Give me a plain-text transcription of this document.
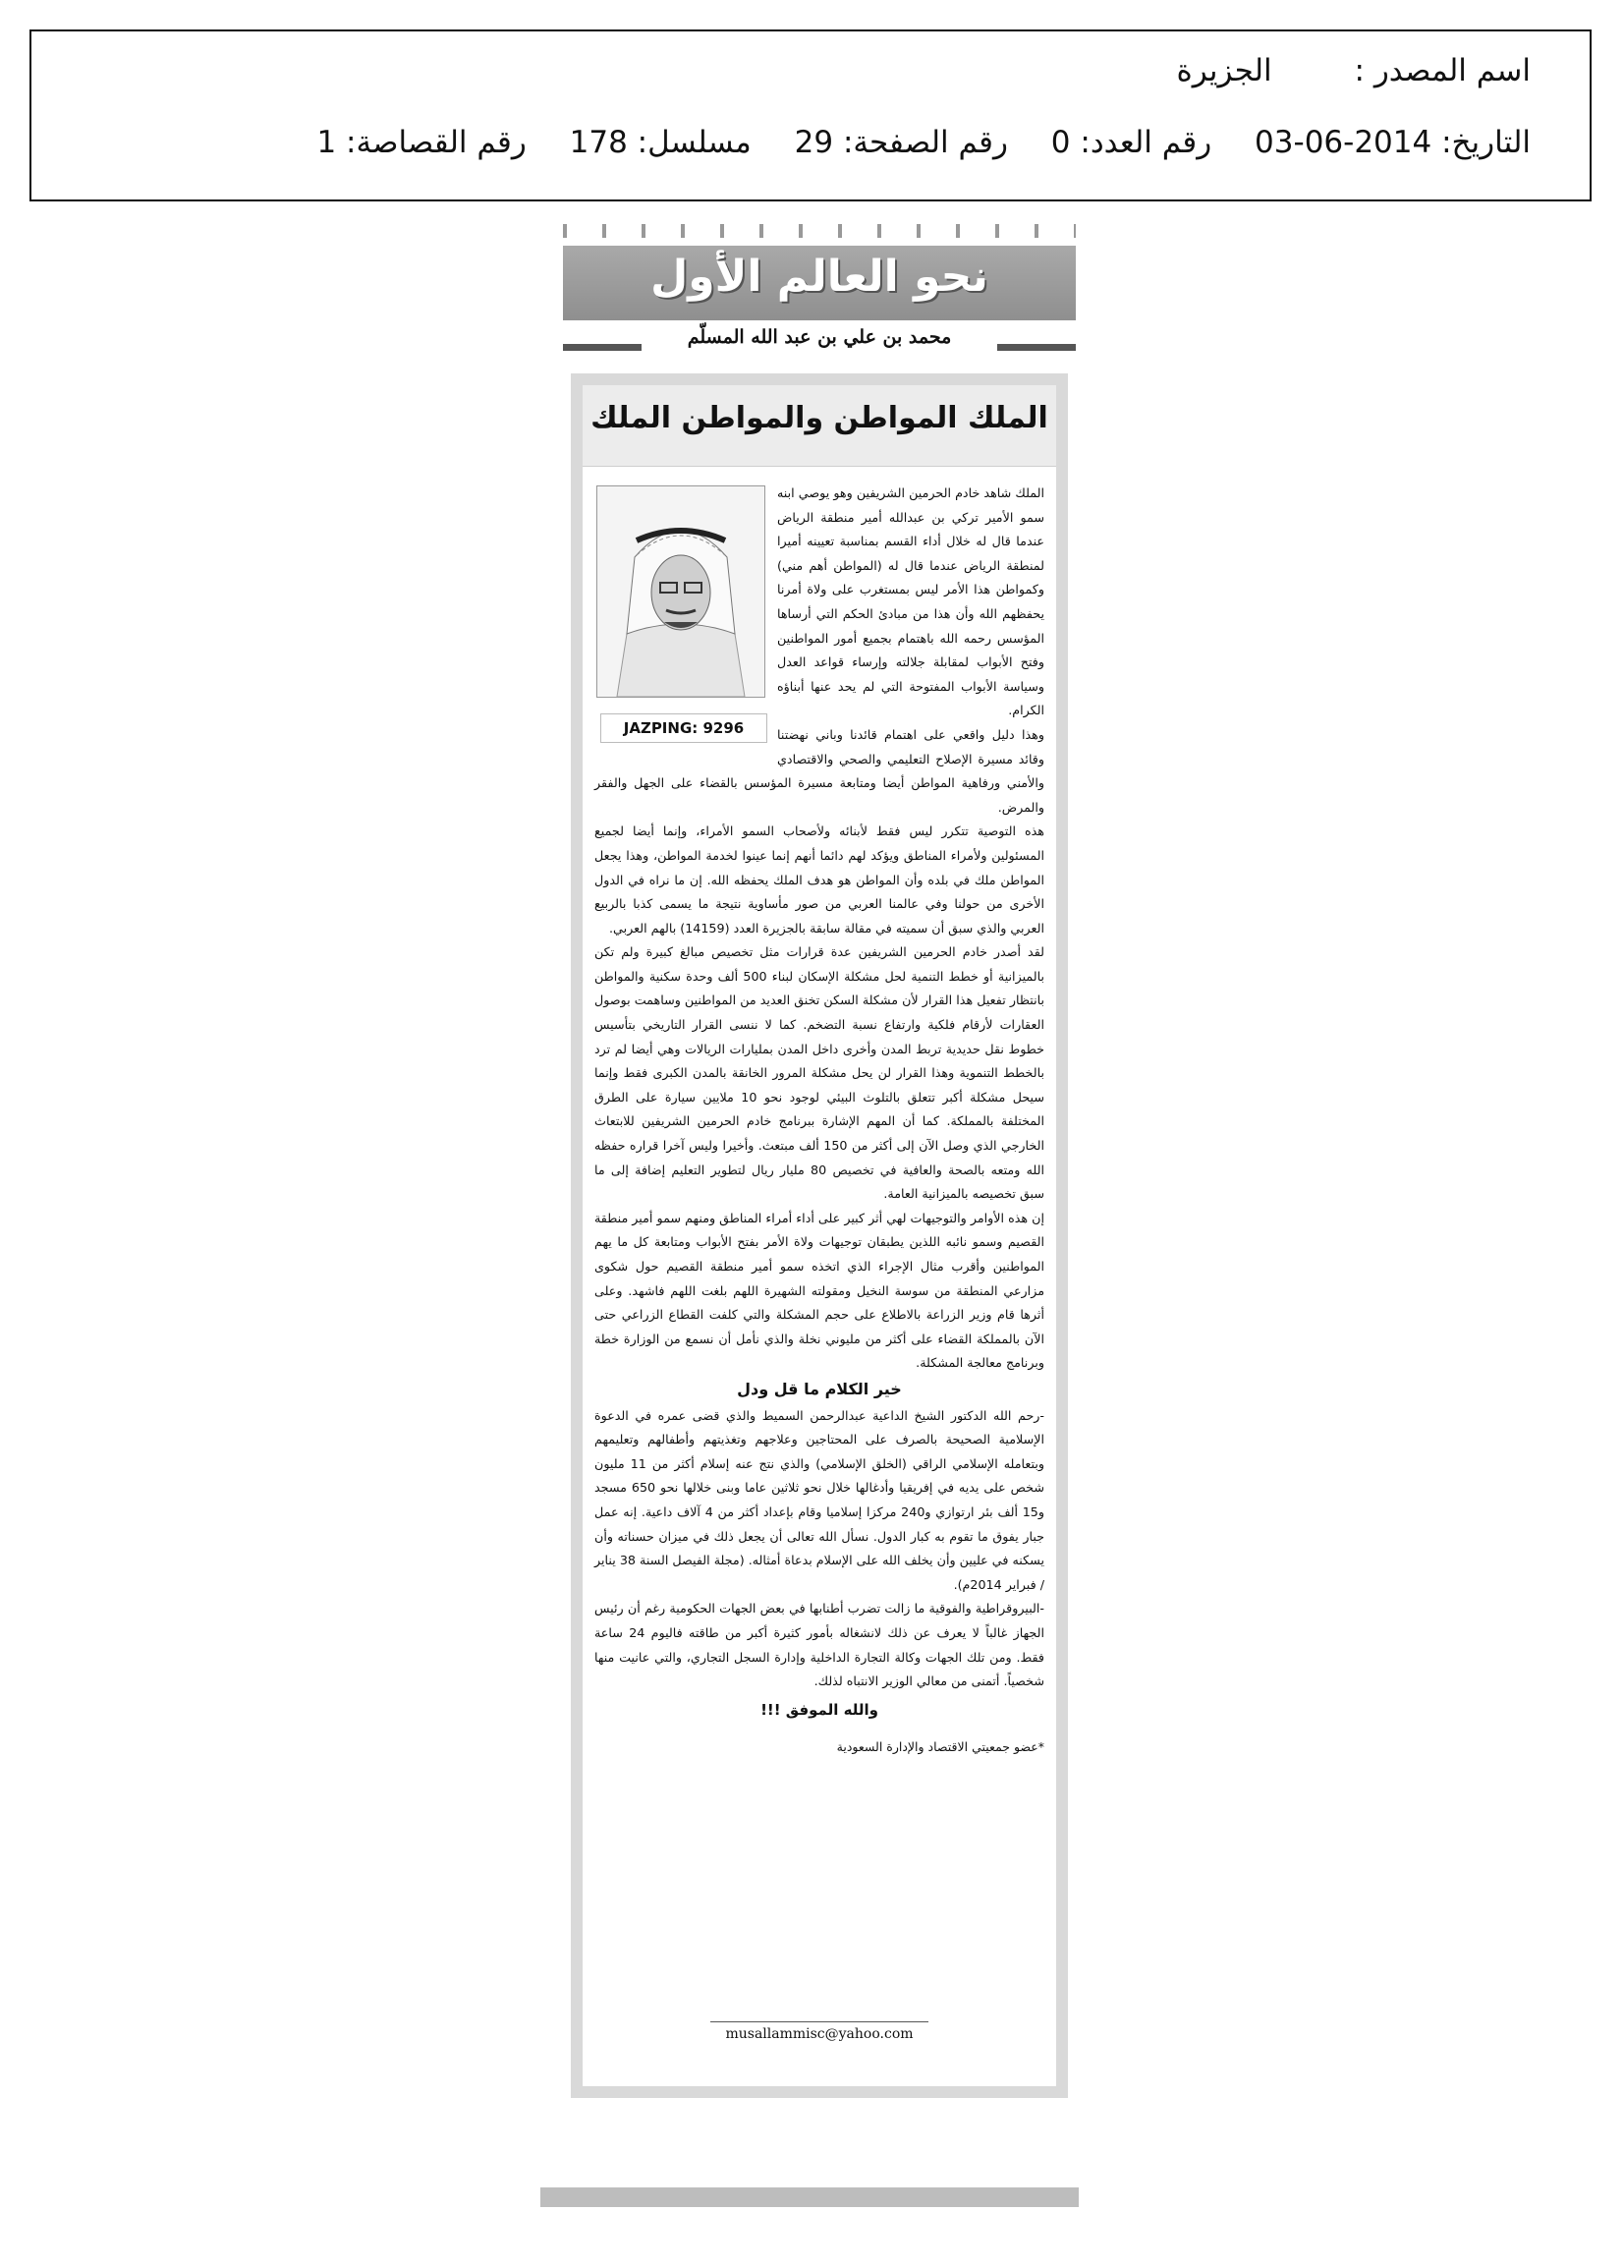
اسم المصدر : الجزيرة
التاريخ: 2014-06-03 رقم العدد: 0 رقم الصفحة: 29 مسلسل: 178 رقم القصاصة: 1
نحو العالم الأول
محمد بن علي بن عبد الله المسلّم
الملك المواطن والمواطن الملك
JAZPING: 9296

الملك شاهد خادم الحرمين الشريفين وهو يوصي ابنه سمو الأمير تركي بن عبدالله أمير منطقة الرياض عندما قال له خلال أداء القسم بمناسبة تعيينه أميرا لمنطقة الرياض عندما قال له (المواطن أهم مني) وكمواطن هذا الأمر ليس بمستغرب على ولاة أمرنا يحفظهم الله وأن هذا من مبادئ الحكم التي أرساها المؤسس رحمه الله باهتمام بجميع أمور المواطنين وفتح الأبواب لمقابلة جلالته وإرساء قواعد العدل وسياسة الأبواب المفتوحة التي لم يحد عنها أبناؤه الكرام.

وهذا دليل واقعي على اهتمام قائدنا وباني نهضتنا وقائد مسيرة الإصلاح التعليمي والصحي والاقتصادي والأمني ورفاهية المواطن أيضا ومتابعة مسيرة المؤسس بالقضاء على الجهل والفقر والمرض.

هذه التوصية تتكرر ليس فقط لأبنائه ولأصحاب السمو الأمراء، وإنما أيضا لجميع المسئولين ولأمراء المناطق ويؤكد لهم دائما أنهم إنما عينوا لخدمة المواطن، وهذا يجعل المواطن ملك في بلده وأن المواطن هو هدف الملك يحفظه الله. إن ما نراه في الدول الأخرى من حولنا وفي عالمنا العربي من صور مأساوية نتيجة ما يسمى كذبا بالربيع العربي والذي سبق أن سميته في مقالة سابقة بالجزيرة العدد (14159) بالهم العربي.

لقد أصدر خادم الحرمين الشريفين عدة قرارات مثل تخصيص مبالغ كبيرة ولم تكن بالميزانية أو خطط التنمية لحل مشكلة الإسكان لبناء 500 ألف وحدة سكنية والمواطن بانتظار تفعيل هذا القرار لأن مشكلة السكن تخنق العديد من المواطنين وساهمت بوصول العقارات لأرقام فلكية وارتفاع نسبة التضخم. كما لا ننسى القرار التاريخي بتأسيس خطوط نقل حديدية تربط المدن وأخرى داخل المدن بمليارات الريالات وهي أيضا لم ترد بالخطط التنموية وهذا القرار لن يحل مشكلة المرور الخانقة بالمدن الكبرى فقط وإنما سيحل مشكلة أكبر تتعلق بالتلوث البيئي لوجود نحو 10 ملايين سيارة على الطرق المختلفة بالمملكة. كما أن المهم الإشارة ببرنامج خادم الحرمين الشريفين للابتعاث الخارجي الذي وصل الآن إلى أكثر من 150 ألف مبتعث. وأخيرا وليس آخرا قراره حفظه الله ومتعه بالصحة والعافية في تخصيص 80 مليار ريال لتطوير التعليم إضافة إلى ما سبق تخصيصه بالميزانية العامة.

إن هذه الأوامر والتوجيهات لهي أثر كبير على أداء أمراء المناطق ومنهم سمو أمير منطقة القصيم وسمو نائبه اللذين يطبقان توجيهات ولاة الأمر بفتح الأبواب ومتابعة كل ما يهم المواطنين وأقرب مثال الإجراء الذي اتخذه سمو أمير منطقة القصيم حول شكوى مزارعي المنطقة من سوسة النخيل ومقولته الشهيرة اللهم بلغت اللهم فاشهد. وعلى أثرها قام وزير الزراعة بالاطلاع على حجم المشكلة والتي كلفت القطاع الزراعي حتى الآن بالمملكة القضاء على أكثر من مليوني نخلة والذي نأمل أن نسمع من الوزارة خطة وبرنامج معالجة المشكلة.

خير الكلام ما قل ودل

-رحم الله الدكتور الشيخ الداعية عبدالرحمن السميط والذي قضى عمره في الدعوة الإسلامية الصحيحة بالصرف على المحتاجين وعلاجهم وتغذيتهم وأطفالهم وتعليمهم وبتعامله الإسلامي الراقي (الخلق الإسلامي) والذي نتج عنه إسلام أكثر من 11 مليون شخص على يديه في إفريقيا وأدغالها خلال نحو ثلاثين عاما وبنى خلالها نحو 650 مسجد و15 ألف بئر ارتوازي و240 مركزا إسلاميا وقام بإعداد أكثر من 4 آلاف داعية. إنه عمل جبار يفوق ما تقوم به كبار الدول. نسأل الله تعالى أن يجعل ذلك في ميزان حسناته وأن يسكنه في عليين وأن يخلف الله على الإسلام بدعاة أمثاله. (مجلة الفيصل السنة 38 يناير / فبراير 2014م).

-البيروقراطية والفوقية ما زالت تضرب أطنابها في بعض الجهات الحكومية رغم أن رئيس الجهاز غالباً لا يعرف عن ذلك لانشغاله بأمور كثيرة أكبر من طاقته فاليوم 24 ساعة فقط. ومن تلك الجهات وكالة التجارة الداخلية وإدارة السجل التجاري، والتي عانيت منها شخصياً. أتمنى من معالي الوزير الانتباه لذلك.

والله الموفق !!!
*عضو جمعيتي الاقتصاد والإدارة السعودية
musallammisc@yahoo.com
